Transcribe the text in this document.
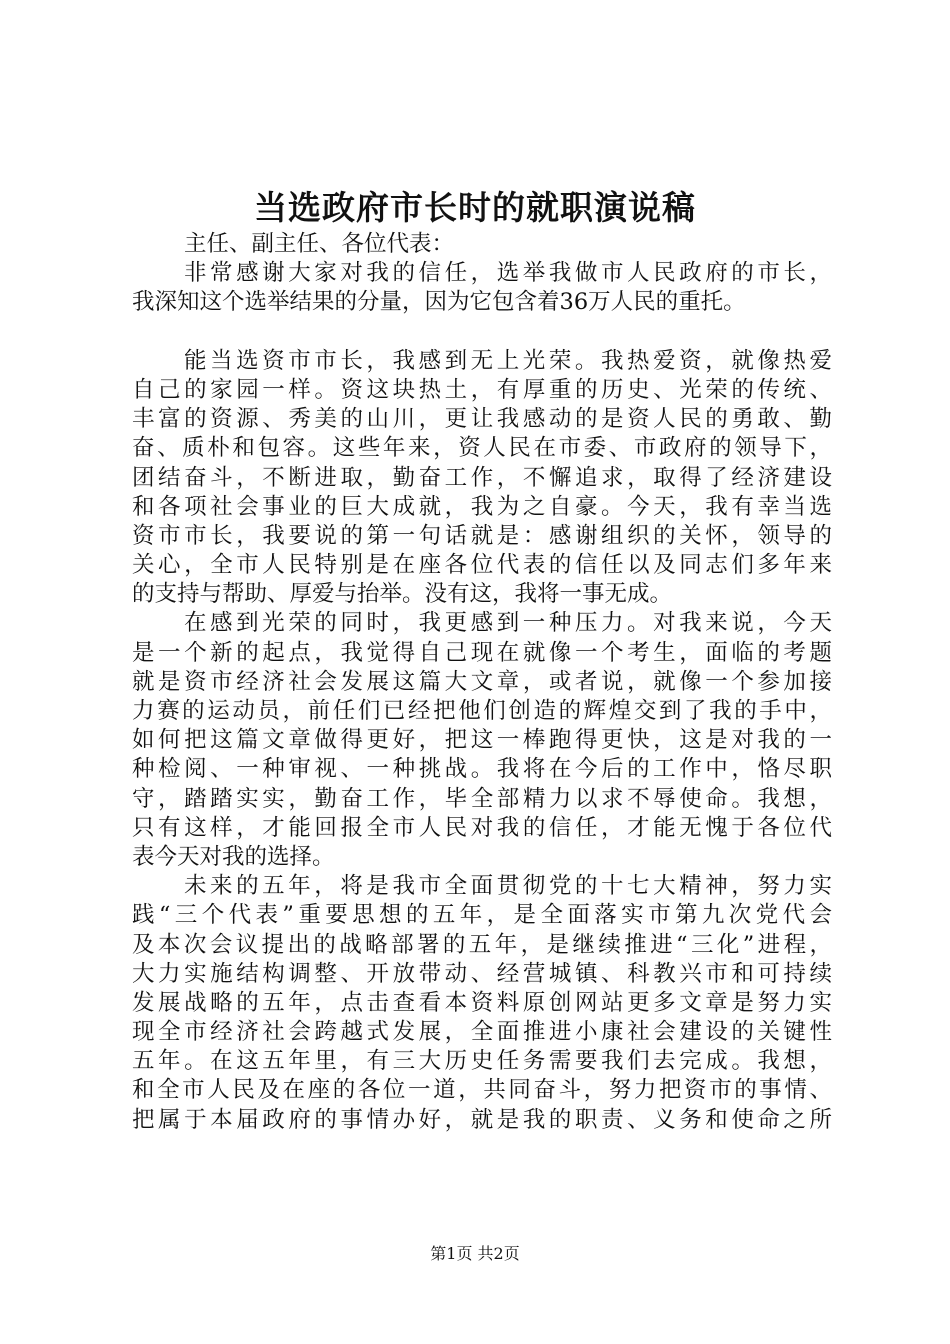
当选政府市长时的就职演说稿
主任、副主任、各位代表：
非常感谢大家对我的信任，选举我做市人民政府的市长，
我深知这个选举结果的分量，因为它包含着36万人民的重托。
能当选资市市长，我感到无上光荣。我热爱资，就像热爱
自己的家园一样。资这块热土，有厚重的历史、光荣的传统、
丰富的资源、秀美的山川，更让我感动的是资人民的勇敢、勤
奋、质朴和包容。这些年来，资人民在市委、市政府的领导下，
团结奋斗，不断进取，勤奋工作，不懈追求，取得了经济建设
和各项社会事业的巨大成就，我为之自豪。今天，我有幸当选
资市市长，我要说的第一句话就是：感谢组织的关怀，领导的
关心，全市人民特别是在座各位代表的信任以及同志们多年来
的支持与帮助、厚爱与抬举。没有这，我将一事无成。
在感到光荣的同时，我更感到一种压力。对我来说，今天
是一个新的起点，我觉得自己现在就像一个考生，面临的考题
就是资市经济社会发展这篇大文章，或者说，就像一个参加接
力赛的运动员，前任们已经把他们创造的辉煌交到了我的手中，
如何把这篇文章做得更好，把这一棒跑得更快，这是对我的一
种检阅、一种审视、一种挑战。我将在今后的工作中，恪尽职
守，踏踏实实，勤奋工作，毕全部精力以求不辱使命。我想，
只有这样，才能回报全市人民对我的信任，才能无愧于各位代
表今天对我的选择。
未来的五年，将是我市全面贯彻党的十七大精神，努力实
践“三个代表”重要思想的五年，是全面落实市第九次党代会
及本次会议提出的战略部署的五年，是继续推进“三化”进程，
大力实施结构调整、开放带动、经营城镇、科教兴市和可持续
发展战略的五年，点击查看本资料原创网站更多文章是努力实
现全市经济社会跨越式发展，全面推进小康社会建设的关键性
五年。在这五年里，有三大历史任务需要我们去完成。我想，
和全市人民及在座的各位一道，共同奋斗，努力把资市的事情、
把属于本届政府的事情办好，就是我的职责、义务和使命之所
第1页 共2页
